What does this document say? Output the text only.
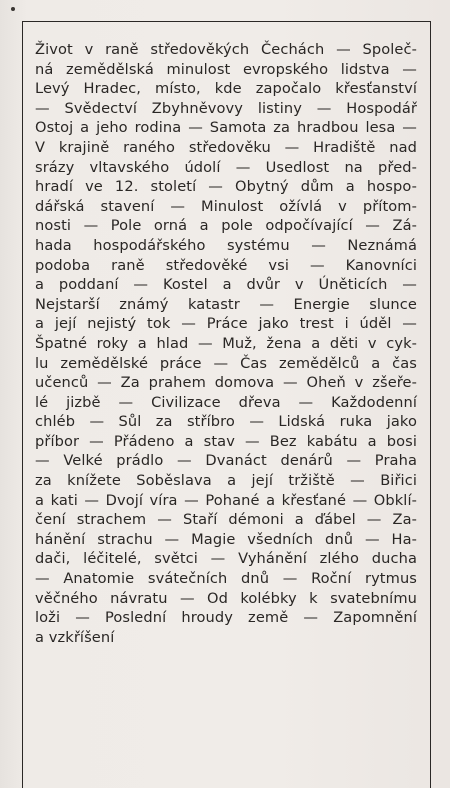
Život v raně středověkých Čechách — Společ-
ná zemědělská minulost evropského lidstva —
Levý Hradec, místo, kde započalo křesťanství
— Svědectví Zbyhněvovy listiny — Hospodář
Ostoj a jeho rodina — Samota za hradbou lesa —
V krajině raného středověku — Hradiště nad
srázy vltavského údolí — Usedlost na před-
hradí ve 12. století — Obytný dům a hospo-
dářská stavení — Minulost ožívlá v přítom-
nosti — Pole orná a pole odpočívající — Zá-
hada hospodářského systému — Neznámá
podoba raně středověké vsi — Kanovníci
a poddaní — Kostel a dvůr v Úněticích —
Nejstarší známý katastr — Energie slunce
a její nejistý tok — Práce jako trest i úděl —
Špatné roky a hlad — Muž, žena a děti v cyk-
lu zemědělské práce — Čas zemědělců a čas
učenců — Za prahem domova — Oheň v zšeře-
lé jizbě — Civilizace dřeva — Každodenní
chléb — Sůl za stříbro — Lidská ruka jako
příbor — Přádeno a stav — Bez kabátu a bosi
— Velké prádlo — Dvanáct denárů — Praha
za knížete Soběslava a její tržiště — Biřici
a kati — Dvojí víra — Pohané a křesťané — Obklí-
čení strachem — Staří démoni a ďábel — Za-
hánění strachu — Magie všedních dnů — Ha-
dači, léčitelé, světci — Vyhánění zlého ducha
— Anatomie svátečních dnů — Roční rytmus
věčného návratu — Od kolébky k svatebnímu
loži — Poslední hroudy země — Zapomnění
a vzkříšení
